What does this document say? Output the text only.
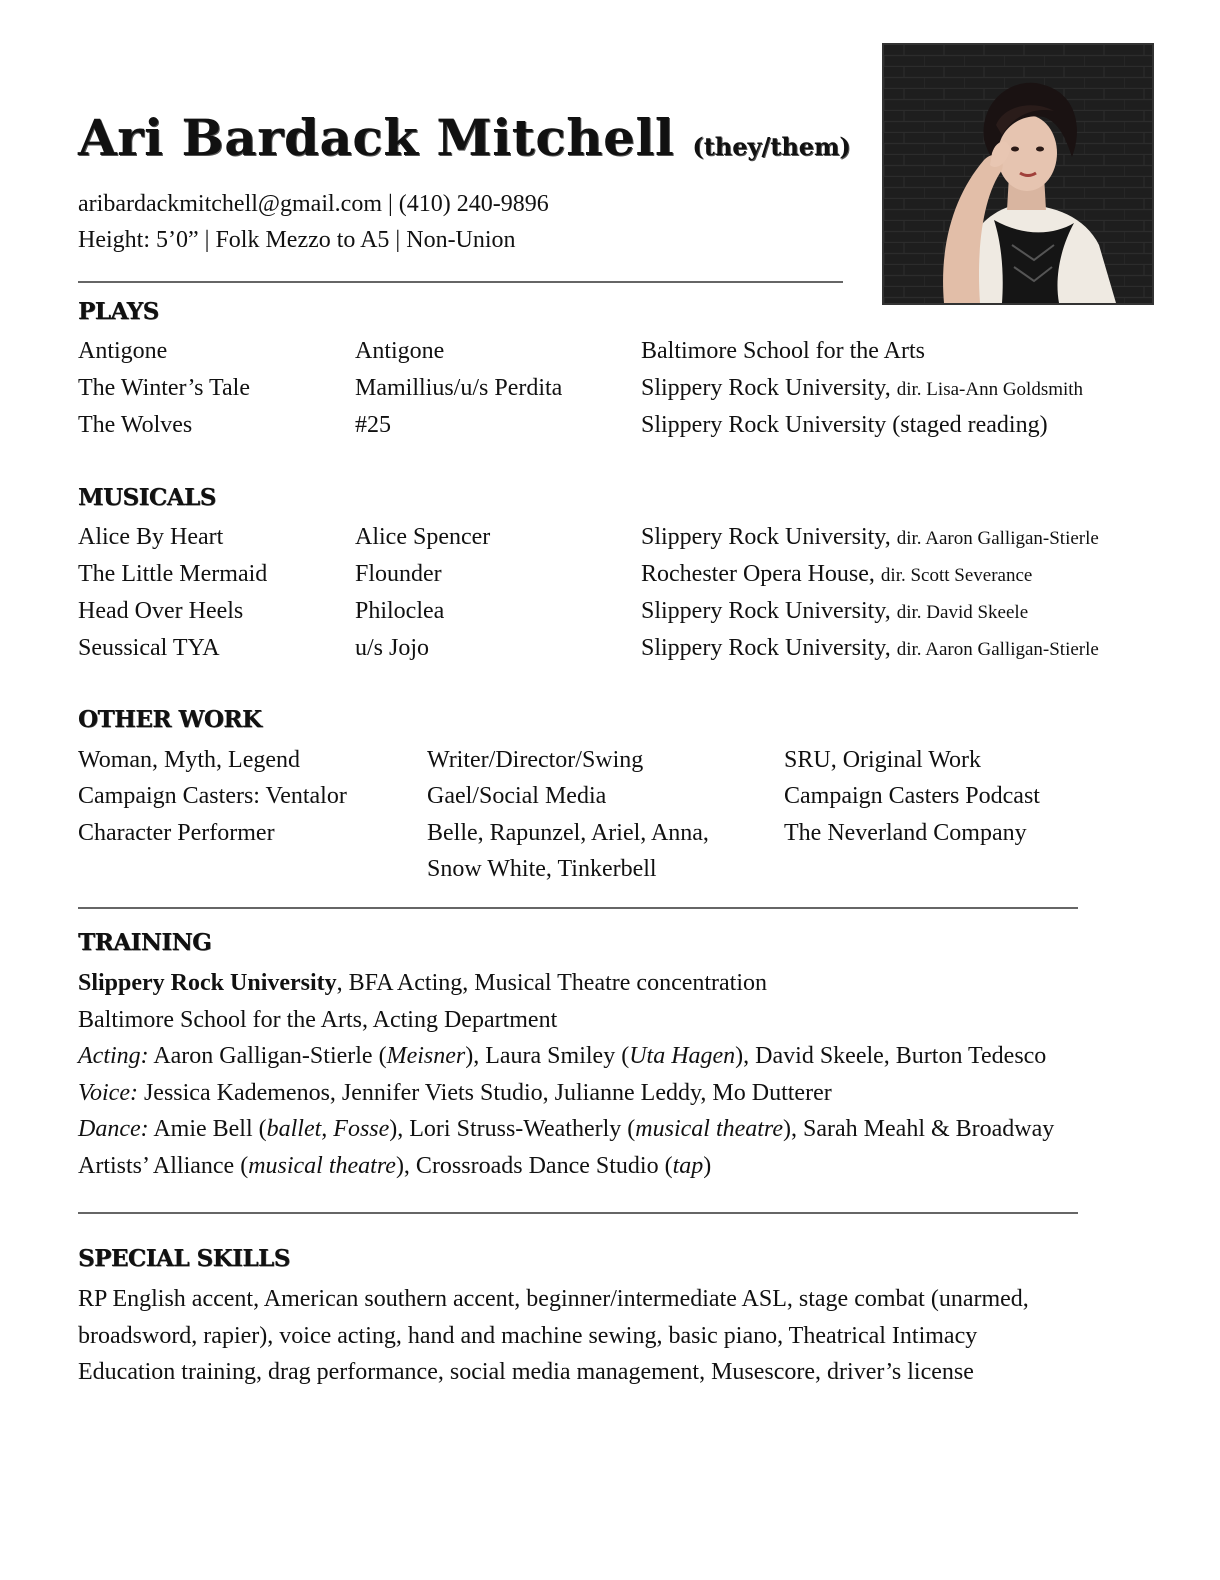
Ari Bardack Mitchell (they/them)
aribardackmitchell@gmail.com | (410) 240-9896
Height: 5’0” | Folk Mezzo to A5 | Non-Union
PLAYS
Antigone	Antigone	Baltimore School for the Arts
The Winter’s Tale	Mamillius/u/s Perdita	Slippery Rock University, dir. Lisa-Ann Goldsmith
The Wolves	#25	Slippery Rock University (staged reading)
MUSICALS
Alice By Heart	Alice Spencer	Slippery Rock University, dir. Aaron Galligan-Stierle
The Little Mermaid	Flounder	Rochester Opera House, dir. Scott Severance
Head Over Heels	Philoclea	Slippery Rock University, dir. David Skeele
Seussical TYA	u/s Jojo	Slippery Rock University, dir. Aaron Galligan-Stierle
OTHER WORK
Woman, Myth, Legend	Writer/Director/Swing	SRU, Original Work
Campaign Casters: Ventalor	Gael/Social Media	Campaign Casters Podcast
Character Performer	Belle, Rapunzel, Ariel, Anna,	The Neverland Company
Snow White, Tinkerbell
TRAINING
Slippery Rock University, BFA Acting, Musical Theatre concentration
Baltimore School for the Arts, Acting Department
Acting: Aaron Galligan-Stierle (Meisner), Laura Smiley (Uta Hagen), David Skeele, Burton Tedesco
Voice: Jessica Kademenos, Jennifer Viets Studio, Julianne Leddy, Mo Dutterer
Dance: Amie Bell (ballet, Fosse), Lori Struss-Weatherly (musical theatre), Sarah Meahl & Broadway
Artists’ Alliance (musical theatre), Crossroads Dance Studio (tap)
SPECIAL SKILLS
RP English accent, American southern accent, beginner/intermediate ASL, stage combat (unarmed,
broadsword, rapier), voice acting, hand and machine sewing, basic piano, Theatrical Intimacy
Education training, drag performance, social media management, Musescore, driver’s license
